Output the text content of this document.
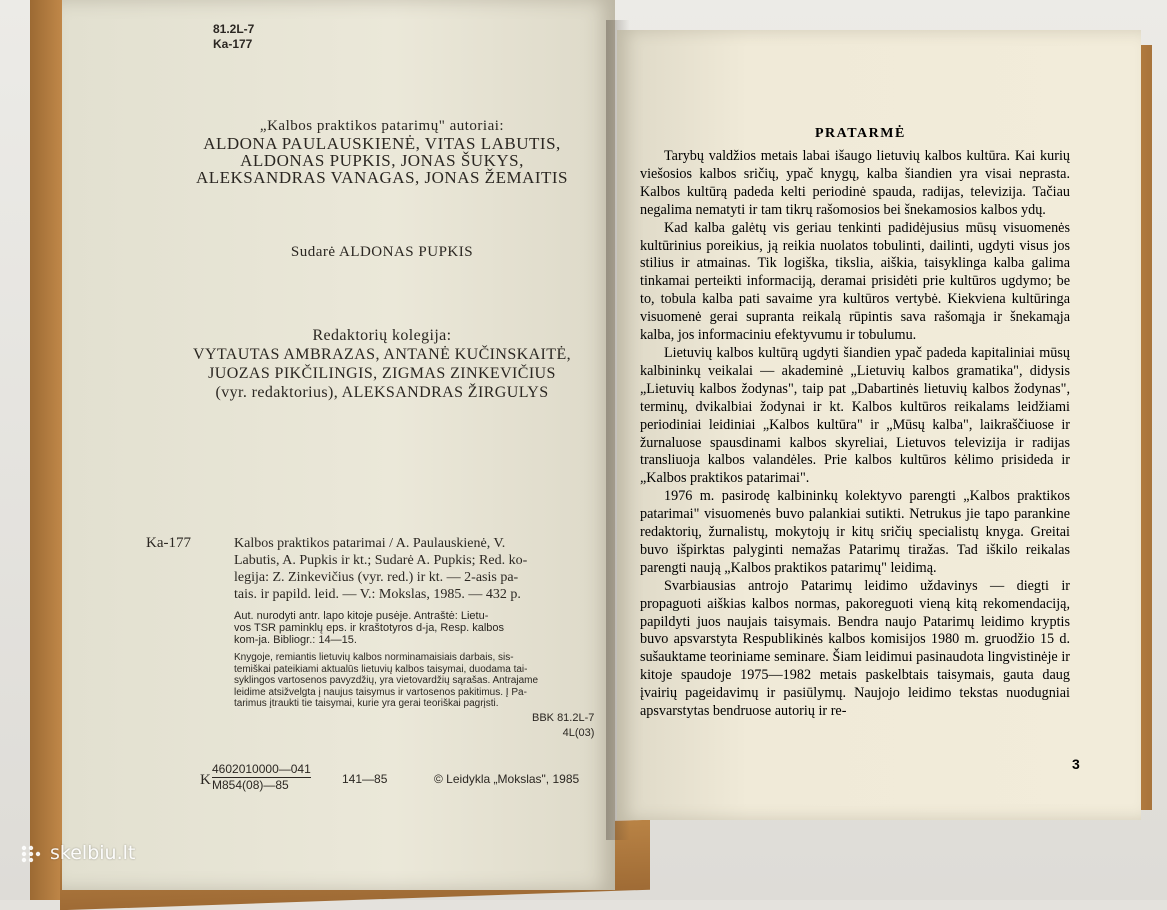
81.2L-7
Ka-177
„Kalbos praktikos patarimų" autoriai:
ALDONA PAULAUSKIENĖ, VITAS LABUTIS,
ALDONAS PUPKIS, JONAS ŠUKYS,
ALEKSANDRAS VANAGAS, JONAS ŽEMAITIS
Sudarė ALDONAS PUPKIS
Redaktorių kolegija:
VYTAUTAS AMBRAZAS, ANTANĖ KUČINSKAITĖ,
JUOZAS PIKČILINGIS, ZIGMAS ZINKEVIČIUS
(vyr. redaktorius), ALEKSANDRAS ŽIRGULYS
Ka-177	Kalbos praktikos patarimai / A. Paulauskienė, V.
Labutis, A. Pupkis ir kt.; Sudarė A. Pupkis; Red. ko-
legija: Z. Zinkevičius (vyr. red.) ir kt. — 2-asis pa-
tais. ir papild. leid. — V.: Mokslas, 1985. — 432 p.
Aut. nurodyti antr. lapo kitoje pusėje. Antraštė: Lietu-
vos TSR paminklų eps. ir kraštotyros d-ja, Resp. kalbos
kom-ja. Bibliogr.: 14—15.
Knygoje, remiantis lietuvių kalbos norminamaisiais darbais, sis-
temiškai pateikiami aktualūs lietuvių kalbos taisymai, duodama tai-
syklingos vartosenos pavyzdžių, yra vietovardžių sąrašas. Antrajame
leidime atsižvelgta į naujus taisymus ir vartosenos pakitimus. Į Pa-
tarimus įtraukti tie taisymai, kurie yra gerai teoriškai pagrįsti.
BBK 81.2L-7
4L(03)
K $\frac{4602010000—041}{M854(08)—85}$	141—85	© Leidykla „Mokslas", 1985
PRATARMĖ

Tarybų valdžios metais labai išaugo lietuvių kalbos kultūra. Kai kurių viešosios kalbos sričių, ypač knygų, kalba šiandien yra visai neprasta. Kalbos kultūrą padeda kelti periodinė spauda, radijas, televizija. Tačiau negalima nematyti ir tam tikrų rašomosios bei šnekamosios kalbos ydų.

Kad kalba galėtų vis geriau tenkinti padidėjusius mūsų visuomenės kultūrinius poreikius, ją reikia nuolatos tobulinti, dailinti, ugdyti visus jos stilius ir atmainas. Tik logiška, tikslia, aiškia, taisyklinga kalba galima tinkamai perteikti informaciją, deramai prisidėti prie kultūros ugdymo; be to, tobula kalba pati savaime yra kultūros vertybė. Kiekvienа kultūringa visuomenė gerai supranta reikalą rūpintis sava rašomąja ir šnekamąja kalba, jos informaciniu efektyvumu ir tobulumu.

Lietuvių kalbos kultūrą ugdyti šiandien ypač padeda kapitaliniai mūsų kalbininkų veikalai — akademinė „Lietuvių kalbos gramatika", didysis „Lietuvių kalbos žodynas", taip pat „Dabartinės lietuvių kalbos žodynas", terminų, dvikalbiai žodynai ir kt. Kalbos kultūros reikalams leidžiami periodiniai leidiniai „Kalbos kultūra" ir „Mūsų kalba", laikraščiuose ir žurnaluose spausdinami kalbos skyreliai, Lietuvos televizija ir radijas transliuoja kalbos valandėles. Prie kalbos kultūros kėlimo prisideda ir „Kalbos praktikos patarimai".

1976 m. pasirodę kalbininkų kolektyvo parengti „Kalbos praktikos patarimai" visuomenės buvo palankiai sutikti. Netrukus jie tapo parankine redaktorių, žurnalistų, mokytojų ir kitų sričių specialistų knyga. Greitai buvo išpirktas palyginti nemažas Patarimų tiražas. Tad iškilo reikalas parengti naują „Kalbos praktikos patarimų" leidimą.

Svarbiausias antrojo Patarimų leidimo uždavinys — diegti ir propaguoti aiškias kalbos normas, pakoreguoti vieną kitą rekomendaciją, papildyti juos naujais taisymais. Bendra naujo Patarimų leidimo kryptis buvo apsvarstyta Respublikinės kalbos komisijos 1980 m. gruodžio 15 d. sušauktame teoriniame seminare. Šiam leidimui pasinaudota lingvistinėje ir kitoje spaudoje 1975—1982 metais paskelbtais taisymais, gauta daug įvairių pageidavimų ir pasiūlymų. Naujojo leidimo tekstas nuodugniai apsvarstytas bendruose autorių ir re-

3
skelbiu.lt
